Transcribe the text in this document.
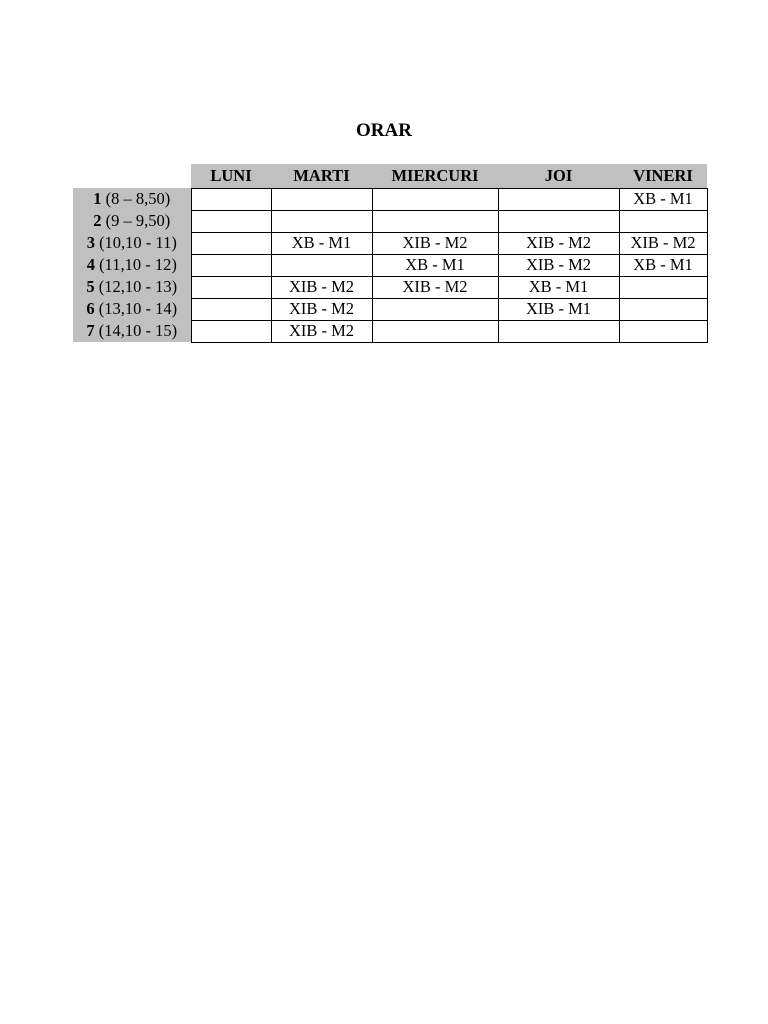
ORAR
	LUNI	MARTI	MIERCURI	JOI	VINERI
1 (8 – 8,50)					XB - M1
2 (9 – 9,50)					
3 (10,10 - 11)		XB - M1	XIB - M2	XIB - M2	XIB - M2
4 (11,10 - 12)			XB - M1	XIB - M2	XB - M1
5 (12,10 - 13)		XIB - M2	XIB - M2	XB - M1	
6 (13,10 - 14)		XIB - M2		XIB - M1	
7 (14,10 - 15)		XIB - M2			
